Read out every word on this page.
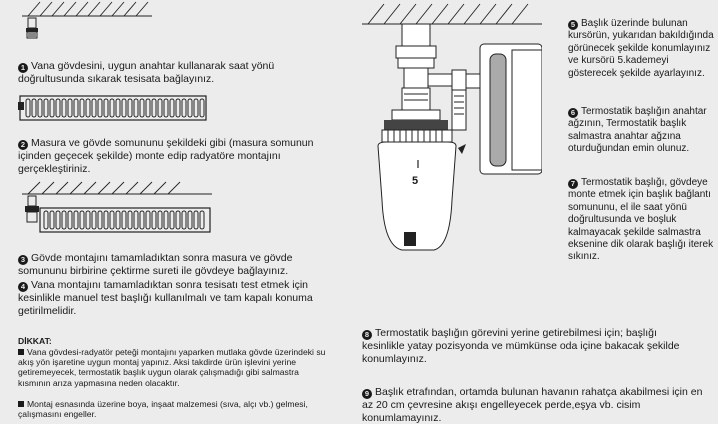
1 Vana gövdesini, uygun anahtar kullanarak saat yönü doğrultusunda sıkarak tesisata bağlayınız.

2 Masura ve gövde somununu şekildeki gibi (masura somunun içinden geçecek şekilde) monte edip radyatöre montajını gerçekleştiriniz.

3 Gövde montajını tamamladıktan sonra masura ve gövde somununu birbirine çektirme sureti ile gövdeye bağlayınız.

4 Vana montajını tamamladıktan sonra tesisatı test etmek için kesinlikle manuel test başlığı kullanılmalı ve tam kapalı konuma getirilmelidir.

DİKKAT:

Vana gövdesi-radyatör peteği montajını yaparken mutlaka gövde üzerindeki su akış yön işaretine uygun montaj yapınız. Aksi takdirde ürün işlevini yerine getiremeyecek, termostatik başlık uygun olarak çalışmadığı gibi salmastra kısmının arıza yapmasına neden olacaktır.

Montaj esnasında üzerine boya, inşaat malzemesi (sıva, alçı vb.) gelmesi, çalışmasını engeller.

5

5 Başlık üzerinde bulunan kursörün, yukarıdan bakıldığında görünecek şekilde konumlayınız ve kursörü 5.kademeyi gösterecek şekilde ayarlayınız.

6 Termostatik başlığın anahtar ağzının, Termostatik başlık salmastra anahtar ağzına oturduğundan emin olunuz.

7 Termostatik başlığı, gövdeye monte etmek için başlık bağlantı somununu, el ile saat yönü doğrultusunda ve boşluk kalmayacak şekilde salmastra eksenine dik olarak başlığı iterek sıkınız.

8 Termostatik başlığın görevini yerine getirebilmesi için; başlığı kesinlikle yatay pozisyonda ve mümkünse oda içine bakacak şekilde konumlayınız.

9 Başlık etrafından, ortamda bulunan havanın rahatça akabilmesi için en az 20 cm çevresine akışı engelleyecek perde,eşya vb. cisim konumlamayınız.
